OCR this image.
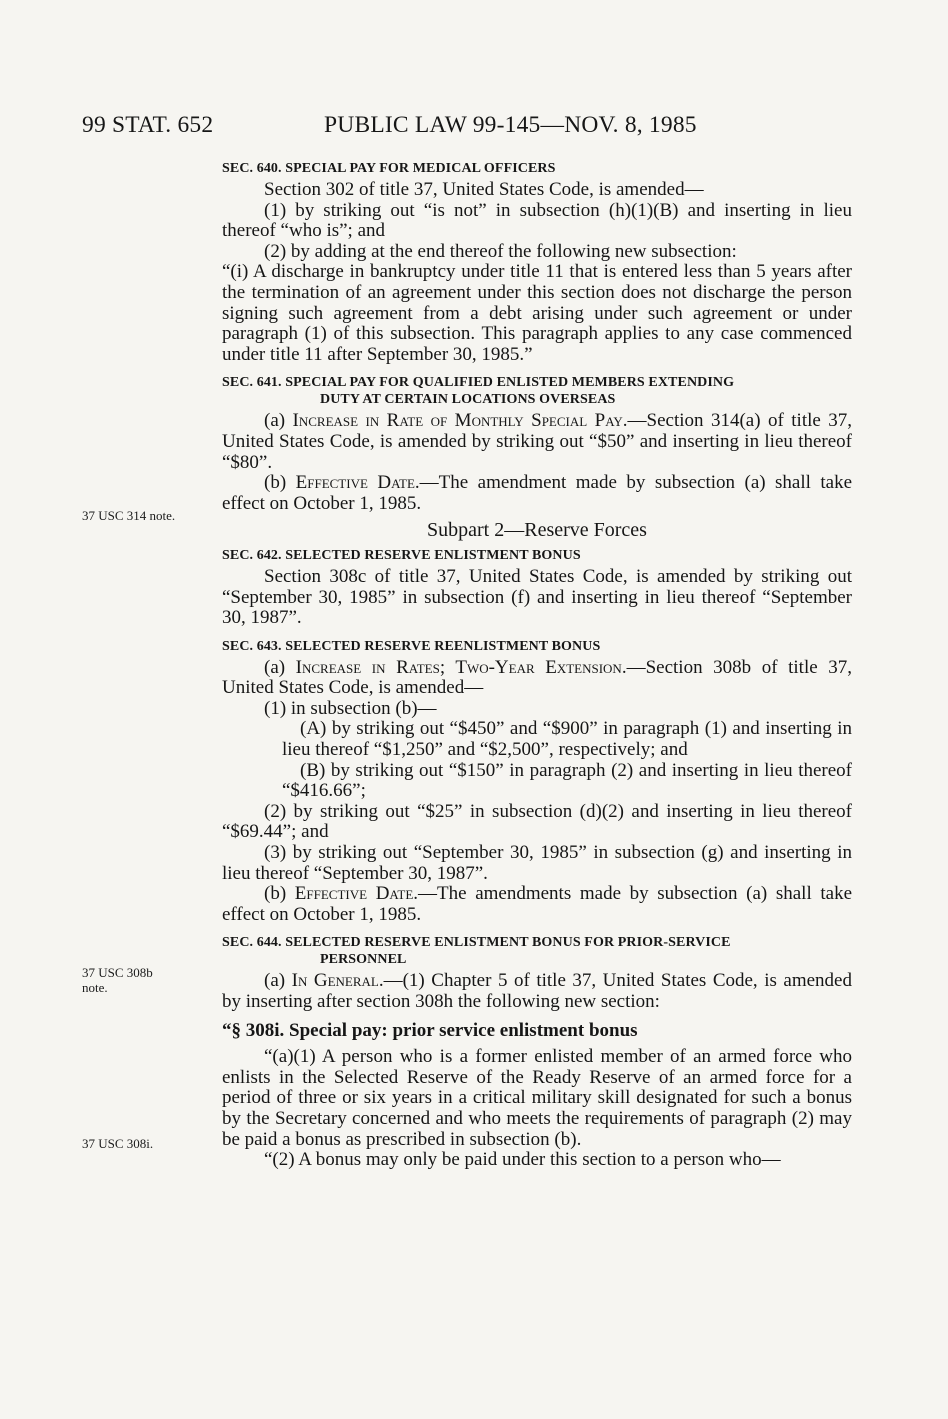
99 STAT. 652	PUBLIC LAW 99-145—NOV. 8, 1985
37 USC 314 note.
37 USC 308b
note.
37 USC 308i.
SEC. 640. SPECIAL PAY FOR MEDICAL OFFICERS

Section 302 of title 37, United States Code, is amended—

(1) by striking out “is not” in subsection (h)(1)(B) and inserting in lieu thereof “who is”; and

(2) by adding at the end thereof the following new subsection:

“(i) A discharge in bankruptcy under title 11 that is entered less than 5 years after the termination of an agreement under this section does not discharge the person signing such agreement from a debt arising under such agreement or under paragraph (1) of this subsection. This paragraph applies to any case commenced under title 11 after September 30, 1985.”

SEC. 641. SPECIAL PAY FOR QUALIFIED ENLISTED MEMBERS EXTENDING
DUTY AT CERTAIN LOCATIONS OVERSEAS

(a) Increase in Rate of Monthly Special Pay.—Section 314(a) of title 37, United States Code, is amended by striking out “$50” and inserting in lieu thereof “$80”.

(b) Effective Date.—The amendment made by subsection (a) shall take effect on October 1, 1985.

Subpart 2—Reserve Forces

SEC. 642. SELECTED RESERVE ENLISTMENT BONUS

Section 308c of title 37, United States Code, is amended by striking out “September 30, 1985” in subsection (f) and inserting in lieu thereof “September 30, 1987”.

SEC. 643. SELECTED RESERVE REENLISTMENT BONUS

(a) Increase in Rates; Two-Year Extension.—Section 308b of title 37, United States Code, is amended—

(1) in subsection (b)—

(A) by striking out “$450” and “$900” in paragraph (1) and inserting in lieu thereof “$1,250” and “$2,500”, respectively; and

(B) by striking out “$150” in paragraph (2) and inserting in lieu thereof “$416.66”;

(2) by striking out “$25” in subsection (d)(2) and inserting in lieu thereof “$69.44”; and

(3) by striking out “September 30, 1985” in subsection (g) and inserting in lieu thereof “September 30, 1987”.

(b) Effective Date.—The amendments made by subsection (a) shall take effect on October 1, 1985.

SEC. 644. SELECTED RESERVE ENLISTMENT BONUS FOR PRIOR-SERVICE
PERSONNEL

(a) In General.—(1) Chapter 5 of title 37, United States Code, is amended by inserting after section 308h the following new section:

“§ 308i. Special pay: prior service enlistment bonus

“(a)(1) A person who is a former enlisted member of an armed force who enlists in the Selected Reserve of the Ready Reserve of an armed force for a period of three or six years in a critical military skill designated for such a bonus by the Secretary concerned and who meets the requirements of paragraph (2) may be paid a bonus as prescribed in subsection (b).

“(2) A bonus may only be paid under this section to a person who—
